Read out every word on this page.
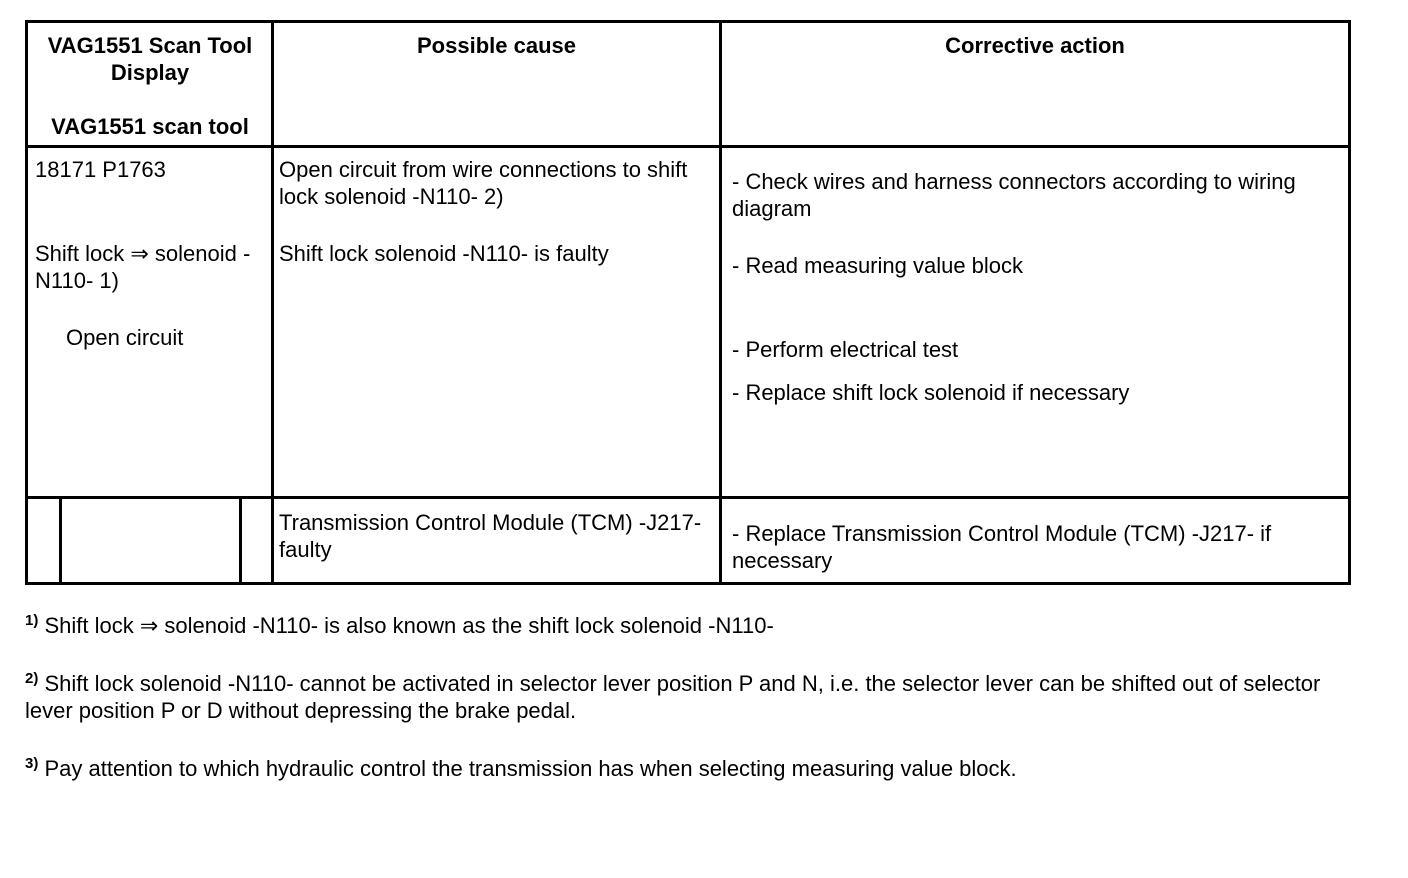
VAG1551 Scan Tool Display

VAG1551 scan tool

Possible cause	Corrective action
18171 P1763
Shift lock ⇒ solenoid -N110- 1)
Open circuit
Open circuit from wire connections to shift lock solenoid -N110- 2)
Shift lock solenoid -N110- is faulty
- Check wires and harness connectors according to wiring diagram
- Read measuring value block
- Perform electrical test
- Replace shift lock solenoid if necessary
Transmission Control Module (TCM) -J217- faulty
- Replace Transmission Control Module (TCM) -J217- if necessary

$^{1)}$ Shift lock ⇒ solenoid -N110- is also known as the shift lock solenoid -N110-

$^{2)}$ Shift lock solenoid -N110- cannot be activated in selector lever position P and N, i.e. the selector lever can be shifted out of selector lever position P or D without depressing the brake pedal.

$^{3)}$ Pay attention to which hydraulic control the transmission has when selecting measuring value block.
